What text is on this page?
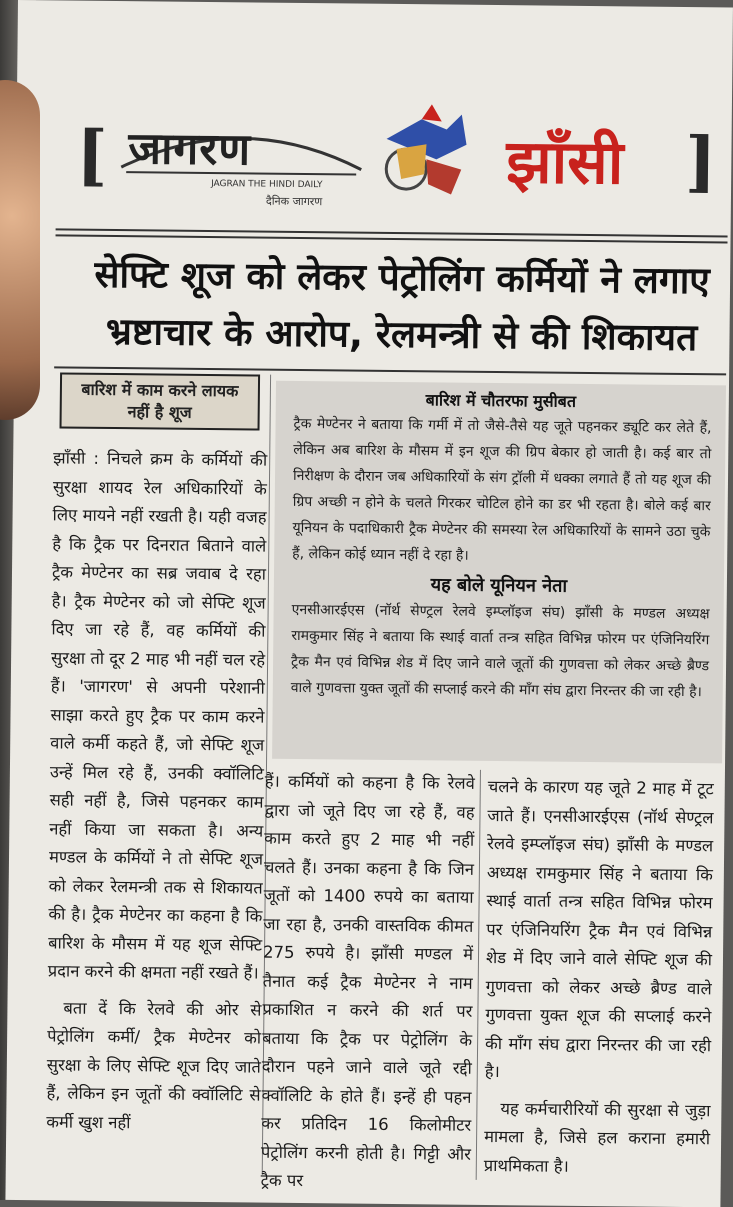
[ जागरण
JAGRAN THE HINDI DAILY
दैनिक जागरण
झाँसी ]
सेफ्टि शूज को लेकर पेट्रोलिंग कर्मियों ने लगाए
भ्रष्टाचार के आरोप, रेलमन्त्री से की शिकायत
बारिश में काम करने लायक नहीं है शूज

झाँसी : निचले क्रम के कर्मियों की सुरक्षा शायद रेल अधिकारियों के लिए मायने नहीं रखती है। यही वजह है कि ट्रैक पर दिनरात बिताने वाले ट्रैक मेण्टेनर का सब्र जवाब दे रहा है। ट्रैक मेण्टेनर को जो सेफ्टि शूज दिए जा रहे हैं, वह कर्मियों की सुरक्षा तो दूर 2 माह भी नहीं चल रहे हैं। 'जागरण' से अपनी परेशानी साझा करते हुए ट्रैक पर काम करने वाले कर्मी कहते हैं, जो सेफ्टि शूज उन्हें मिल रहे हैं, उनकी क्वॉलिटि सही नहीं है, जिसे पहनकर काम नहीं किया जा सकता है। अन्य मण्डल के कर्मियों ने तो सेफ्टि शूज को लेकर रेलमन्त्री तक से शिकायत की है। ट्रैक मेण्टेनर का कहना है कि बारिश के मौसम में यह शूज सेफ्टि प्रदान करने की क्षमता नहीं रखते हैं।

बता दें कि रेलवे की ओर से पेट्रोलिंग कर्मी/ ट्रैक मेण्टेनर को सुरक्षा के लिए सेफ्टि शूज दिए जाते हैं, लेकिन इन जूतों की क्वॉलिटि से कर्मी खुश नहीं

बारिश में चौतरफा मुसीबत
ट्रैक मेण्टेनर ने बताया कि गर्मी में तो जैसे-तैसे यह जूते पहनकर ड्यूटि कर लेते हैं, लेकिन अब बारिश के मौसम में इन शूज की ग्रिप बेकार हो जाती है। कई बार तो निरीक्षण के दौरान जब अधिकारियों के संग ट्रॉली में धक्का लगाते हैं तो यह शूज की ग्रिप अच्छी न होने के चलते गिरकर चोटिल होने का डर भी रहता है। बोले कई बार यूनियन के पदाधिकारी ट्रैक मेण्टेनर की समस्या रेल अधिकारियों के सामने उठा चुके हैं, लेकिन कोई ध्यान नहीं दे रहा है।
यह बोले यूनियन नेता
एनसीआरईएस (नॉर्थ सेण्ट्रल रेलवे इम्प्लॉइज संघ) झाँसी के मण्डल अध्यक्ष रामकुमार सिंह ने बताया कि स्थाई वार्ता तन्त्र सहित विभिन्न फोरम पर एंजिनियरिंग ट्रैक मैन एवं विभिन्न शेड में दिए जाने वाले जूतों की गुणवत्ता को लेकर अच्छे ब्रैण्ड वाले गुणवत्ता युक्त जूतों की सप्लाई करने की माँग संघ द्वारा निरन्तर की जा रही है।

हैं। कर्मियों को कहना है कि रेलवे द्वारा जो जूते दिए जा रहे हैं, वह काम करते हुए 2 माह भी नहीं चलते हैं। उनका कहना है कि जिन जूतों को 1400 रुपये का बताया जा रहा है, उनकी वास्तविक कीमत 275 रुपये है। झाँसी मण्डल में तैनात कई ट्रैक मेण्टेनर ने नाम प्रकाशित न करने की शर्त पर बताया कि ट्रैक पर पेट्रोलिंग के दौरान पहने जाने वाले जूते रद्दी क्वॉलिटि के होते हैं। इन्हें ही पहन कर प्रतिदिन 16 किलोमीटर पेट्रोलिंग करनी होती है। गिट्टी और ट्रैक पर

चलने के कारण यह जूते 2 माह में टूट जाते हैं। एनसीआरईएस (नॉर्थ सेण्ट्रल रेलवे इम्प्लॉइज संघ) झाँसी के मण्डल अध्यक्ष रामकुमार सिंह ने बताया कि स्थाई वार्ता तन्त्र सहित विभिन्न फोरम पर एंजिनियरिंग ट्रैक मैन एवं विभिन्न शेड में दिए जाने वाले सेफ्टि शूज की गुणवत्ता को लेकर अच्छे ब्रैण्ड वाले गुणवत्ता युक्त शूज की सप्लाई करने की माँग संघ द्वारा निरन्तर की जा रही है।

यह कर्मचारीरियों की सुरक्षा से जुड़ा मामला है, जिसे हल कराना हमारी प्राथमिकता है।
